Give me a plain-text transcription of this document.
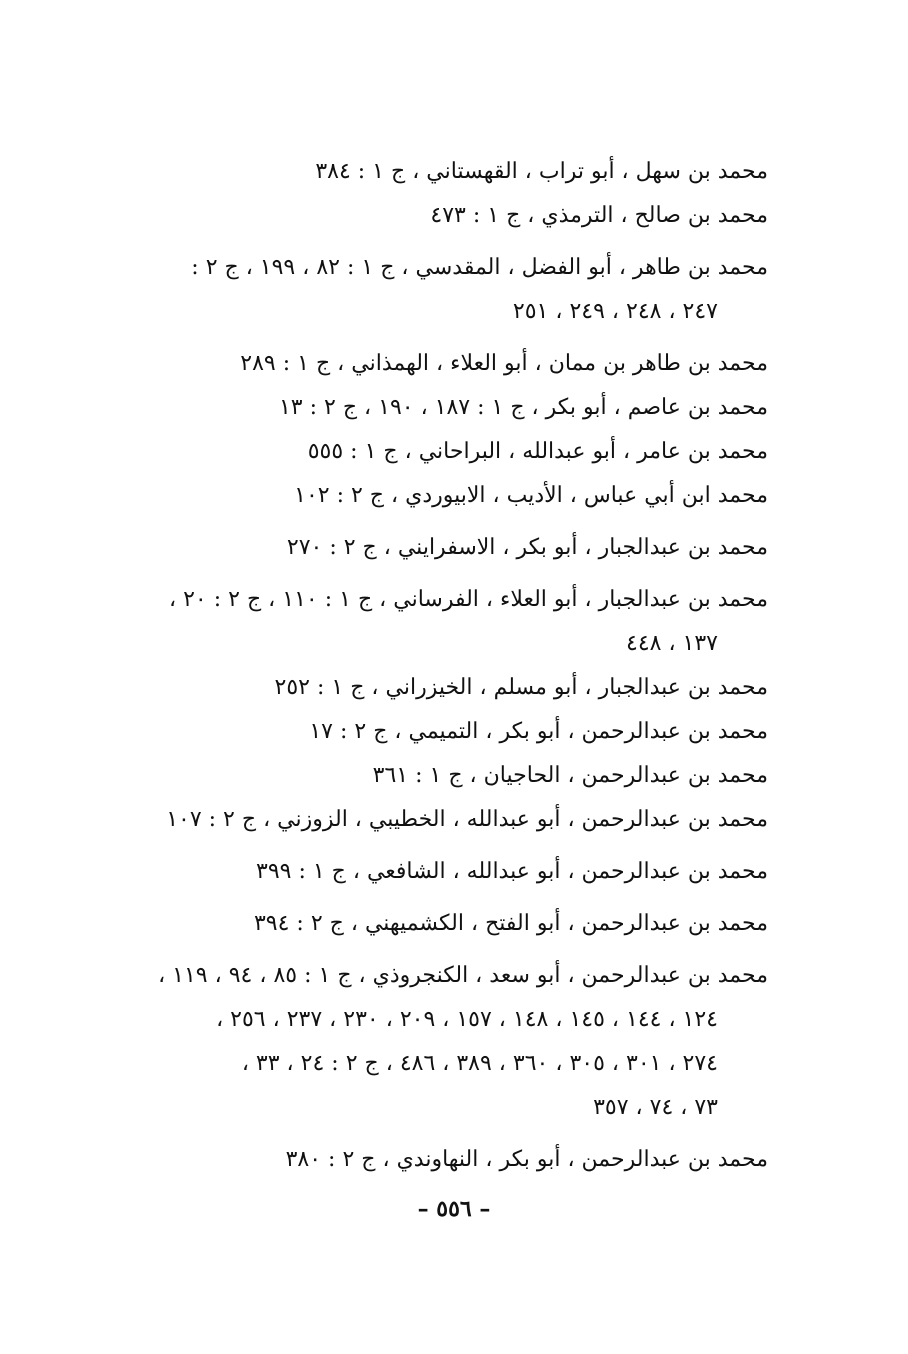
محمد بن سهل ، أبو تراب ، القهستاني ، ج ١ : ٣٨٤

محمد بن صالح ، الترمذي ، ج ١ : ٤٧٣

محمد بن طاهر ، أبو الفضل ، المقدسي ، ج ١ : ٨٢ ، ١٩٩ ، ج ٢ :
٢٤٧ ، ٢٤٨ ، ٢٤٩ ، ٢٥١

محمد بن طاهر بن ممان ، أبو العلاء ، الهمذاني ، ج ١ : ٢٨٩

محمد بن عاصم ، أبو بكر ، ج ١ : ١٨٧ ، ١٩٠ ، ج ٢ : ١٣

محمد بن عامر ، أبو عبدالله ، البراحاني ، ج ١ : ٥٥٥

محمد ابن أبي عباس ، الأديب ، الابيوردي ، ج ٢ : ١٠٢

محمد بن عبدالجبار ، أبو بكر ، الاسفرايني ، ج ٢ : ٢٧٠

محمد بن عبدالجبار ، أبو العلاء ، الفرساني ، ج ١ : ١١٠ ، ج ٢ : ٢٠ ،
١٣٧ ، ٤٤٨

محمد بن عبدالجبار ، أبو مسلم ، الخيزراني ، ج ١ : ٢٥٢

محمد بن عبدالرحمن ، أبو بكر ، التميمي ، ج ٢ : ١٧

محمد بن عبدالرحمن ، الحاجيان ، ج ١ : ٣٦١

محمد بن عبدالرحمن ، أبو عبدالله ، الخطيبي ، الزوزني ، ج ٢ : ١٠٧

محمد بن عبدالرحمن ، أبو عبدالله ، الشافعي ، ج ١ : ٣٩٩

محمد بن عبدالرحمن ، أبو الفتح ، الكشميهني ، ج ٢ : ٣٩٤

محمد بن عبدالرحمن ، أبو سعد ، الكنجروذي ، ج ١ : ٨٥ ، ٩٤ ، ١١٩ ،
١٢٤ ، ١٤٤ ، ١٤٥ ، ١٤٨ ، ١٥٧ ، ٢٠٩ ، ٢٣٠ ، ٢٣٧ ، ٢٥٦ ،
٢٧٤ ، ٣٠١ ، ٣٠٥ ، ٣٦٠ ، ٣٨٩ ، ٤٨٦ ، ج ٢ : ٢٤ ، ٣٣ ،
٧٣ ، ٧٤ ، ٣٥٧

محمد بن عبدالرحمن ، أبو بكر ، النهاوندي ، ج ٢ : ٣٨٠

– ٥٥٦ –
